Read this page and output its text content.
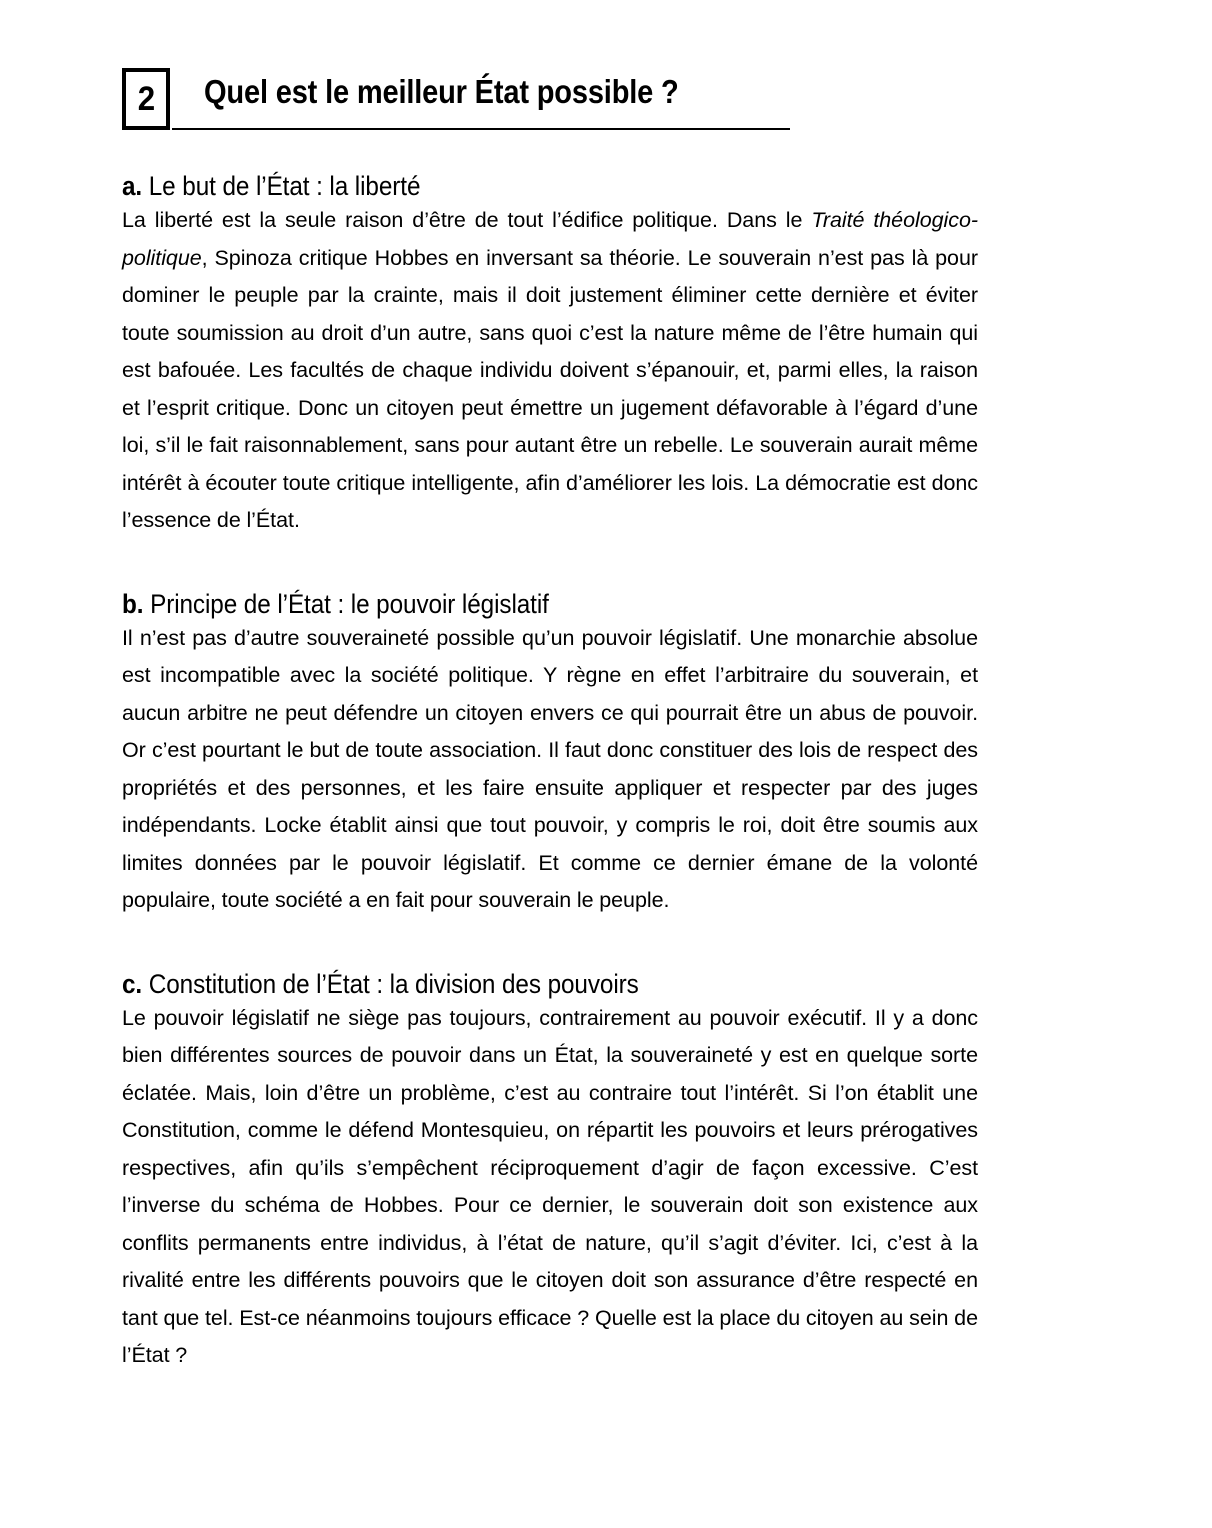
2 Quel est le meilleur État possible ?
a. Le but de l’État : la liberté

La liberté est la seule raison d’être de tout l’édifice politique. Dans le Traité théologico-politique, Spinoza critique Hobbes en inversant sa théorie. Le souverain n’est pas là pour dominer le peuple par la crainte, mais il doit justement éliminer cette dernière et éviter toute soumission au droit d’un autre, sans quoi c’est la nature même de l’être humain qui est bafouée. Les facultés de chaque individu doivent s’épanouir, et, parmi elles, la raison et l’esprit critique. Donc un citoyen peut émettre un jugement défavorable à l’égard d’une loi, s’il le fait raisonnablement, sans pour autant être un rebelle. Le souverain aurait même intérêt à écouter toute critique intelligente, afin d’améliorer les lois. La démocratie est donc l’essence de l’État.

b. Principe de l’État : le pouvoir législatif

Il n’est pas d’autre souveraineté possible qu’un pouvoir législatif. Une monarchie absolue est incompatible avec la société politique. Y règne en effet l’arbitraire du souverain, et aucun arbitre ne peut défendre un citoyen envers ce qui pourrait être un abus de pouvoir. Or c’est pourtant le but de toute association. Il faut donc constituer des lois de respect des propriétés et des personnes, et les faire ensuite appliquer et respecter par des juges indépendants. Locke établit ainsi que tout pouvoir, y compris le roi, doit être soumis aux limites données par le pouvoir législatif. Et comme ce dernier émane de la volonté populaire, toute société a en fait pour souverain le peuple.

c. Constitution de l’État : la division des pouvoirs

Le pouvoir législatif ne siège pas toujours, contrairement au pouvoir exécutif. Il y a donc bien différentes sources de pouvoir dans un État, la souveraineté y est en quelque sorte éclatée. Mais, loin d’être un problème, c’est au contraire tout l’intérêt. Si l’on établit une Constitution, comme le défend Montesquieu, on répartit les pouvoirs et leurs prérogatives respectives, afin qu’ils s’empêchent réciproquement d’agir de façon excessive. C’est l’inverse du schéma de Hobbes. Pour ce dernier, le souverain doit son existence aux conflits permanents entre individus, à l’état de nature, qu’il s’agit d’éviter. Ici, c’est à la rivalité entre les différents pouvoirs que le citoyen doit son assurance d’être respecté en tant que tel. Est-ce néanmoins toujours efficace ? Quelle est la place du citoyen au sein de l’État ?
